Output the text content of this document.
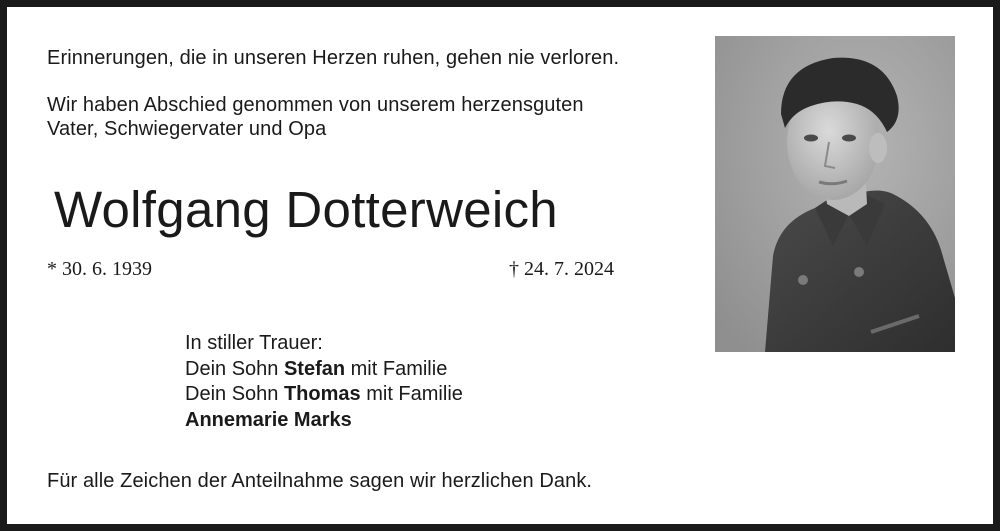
Erinnerungen, die in unseren Herzen ruhen, gehen nie verloren.
Wir haben Abschied genommen von unserem herzensguten
Vater, Schwiegervater und Opa
Wolfgang Dotterweich
* 30. 6. 1939	† 24. 7. 2024
In stiller Trauer:
Dein Sohn Stefan mit Familie
Dein Sohn Thomas mit Familie
Annemarie Marks
Für alle Zeichen der Anteilnahme sagen wir herzlichen Dank.
